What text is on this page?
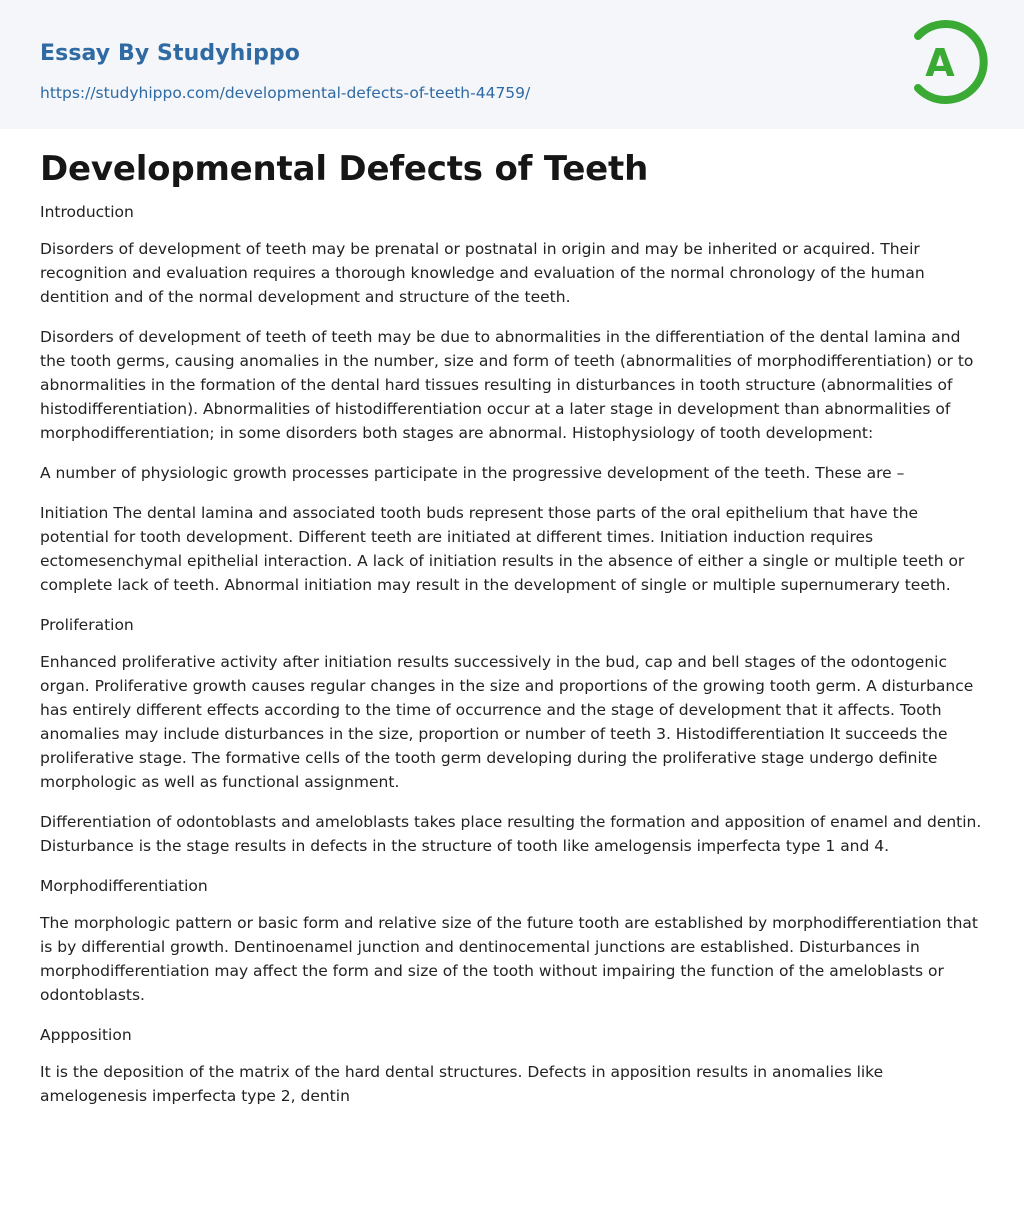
Essay By Studyhippo
https://studyhippo.com/developmental-defects-of-teeth-44759/
A
Developmental Defects of Teeth

Introduction

Disorders of development of teeth may be prenatal or postnatal in origin and may be inherited or acquired. Their recognition and evaluation requires a thorough knowledge and evaluation of the normal chronology of the human dentition and of the normal development and structure of the teeth.

Disorders of development of teeth of teeth may be due to abnormalities in the differentiation of the dental lamina and the tooth germs, causing anomalies in the number, size and form of teeth (abnormalities of morphodifferentiation) or to abnormalities in the formation of the dental hard tissues resulting in disturbances in tooth structure (abnormalities of histodifferentiation). Abnormalities of histodifferentiation occur at a later stage in development than abnormalities of morphodifferentiation; in some disorders both stages are abnormal. Histophysiology of tooth development:

A number of physiologic growth processes participate in the progressive development of the teeth. These are –

Initiation The dental lamina and associated tooth buds represent those parts of the oral epithelium that have the potential for tooth development. Different teeth are initiated at different times. Initiation induction requires ectomesenchymal epithelial interaction. A lack of initiation results in the absence of either a single or multiple teeth or complete lack of teeth. Abnormal initiation may result in the development of single or multiple supernumerary teeth.

Proliferation

Enhanced proliferative activity after initiation results successively in the bud, cap and bell stages of the odontogenic organ. Proliferative growth causes regular changes in the size and proportions of the growing tooth germ. A disturbance has entirely different effects according to the time of occurrence and the stage of development that it affects. Tooth anomalies may include disturbances in the size, proportion or number of teeth 3. Histodifferentiation It succeeds the proliferative stage. The formative cells of the tooth germ developing during the proliferative stage undergo definite morphologic as well as functional assignment.

Differentiation of odontoblasts and ameloblasts takes place resulting the formation and apposition of enamel and dentin. Disturbance is the stage results in defects in the structure of tooth like amelogensis imperfecta type 1 and 4.

Morphodifferentiation

The morphologic pattern or basic form and relative size of the future tooth are established by morphodifferentiation that is by differential growth. Dentinoenamel junction and dentinocemental junctions are established. Disturbances in morphodifferentiation may affect the form and size of the tooth without impairing the function of the ameloblasts or odontoblasts.

Appposition

It is the deposition of the matrix of the hard dental structures. Defects in apposition results in anomalies like amelogenesis imperfecta type 2, dentin
